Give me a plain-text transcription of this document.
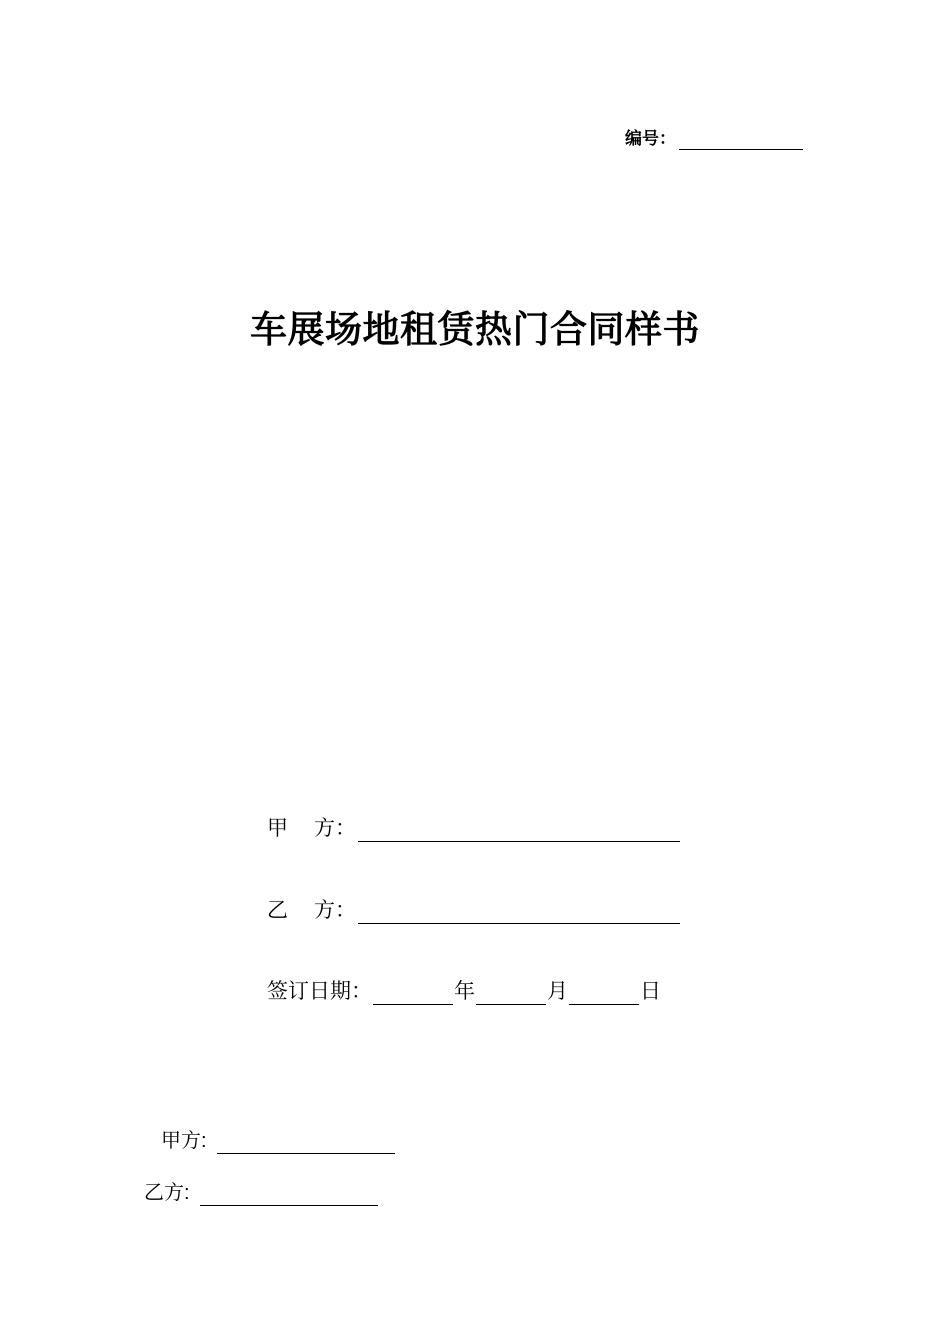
编号：
车展场地租赁热门合同样书
甲 方：
乙 方：
签订日期：	年	月	日
甲方:
乙方:
